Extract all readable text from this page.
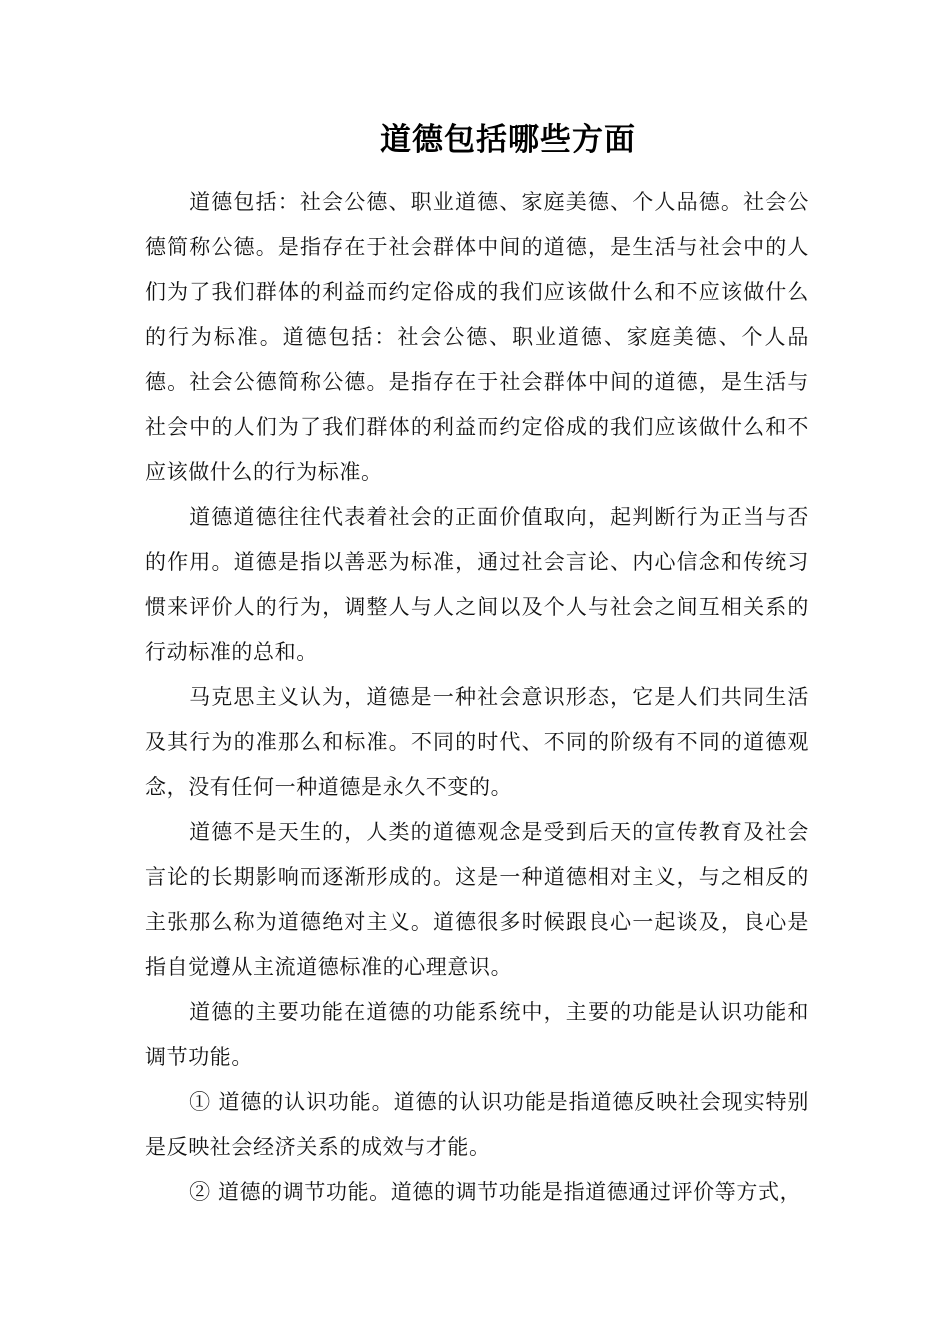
道德包括哪些方面

道德包括：社会公德、职业道德、家庭美德、个人品德。社会公德简称公德。是指存在于社会群体中间的道德，是生活与社会中的人们为了我们群体的利益而约定俗成的我们应该做什么和不应该做什么的行为标准。道德包括：社会公德、职业道德、家庭美德、个人品德。社会公德简称公德。是指存在于社会群体中间的道德，是生活与社会中的人们为了我们群体的利益而约定俗成的我们应该做什么和不应该做什么的行为标准。

道德道德往往代表着社会的正面价值取向，起判断行为正当与否的作用。道德是指以善恶为标准，通过社会言论、内心信念和传统习惯来评价人的行为，调整人与人之间以及个人与社会之间互相关系的行动标准的总和。

马克思主义认为，道德是一种社会意识形态，它是人们共同生活及其行为的准那么和标准。不同的时代、不同的阶级有不同的道德观念，没有任何一种道德是永久不变的。

道德不是天生的，人类的道德观念是受到后天的宣传教育及社会言论的长期影响而逐渐形成的。这是一种道德相对主义，与之相反的主张那么称为道德绝对主义。道德很多时候跟良心一起谈及，良心是指自觉遵从主流道德标准的心理意识。

道德的主要功能在道德的功能系统中，主要的功能是认识功能和调节功能。

① 道德的认识功能。道德的认识功能是指道德反映社会现实特别是反映社会经济关系的成效与才能。

② 道德的调节功能。道德的调节功能是指道德通过评价等方式，
